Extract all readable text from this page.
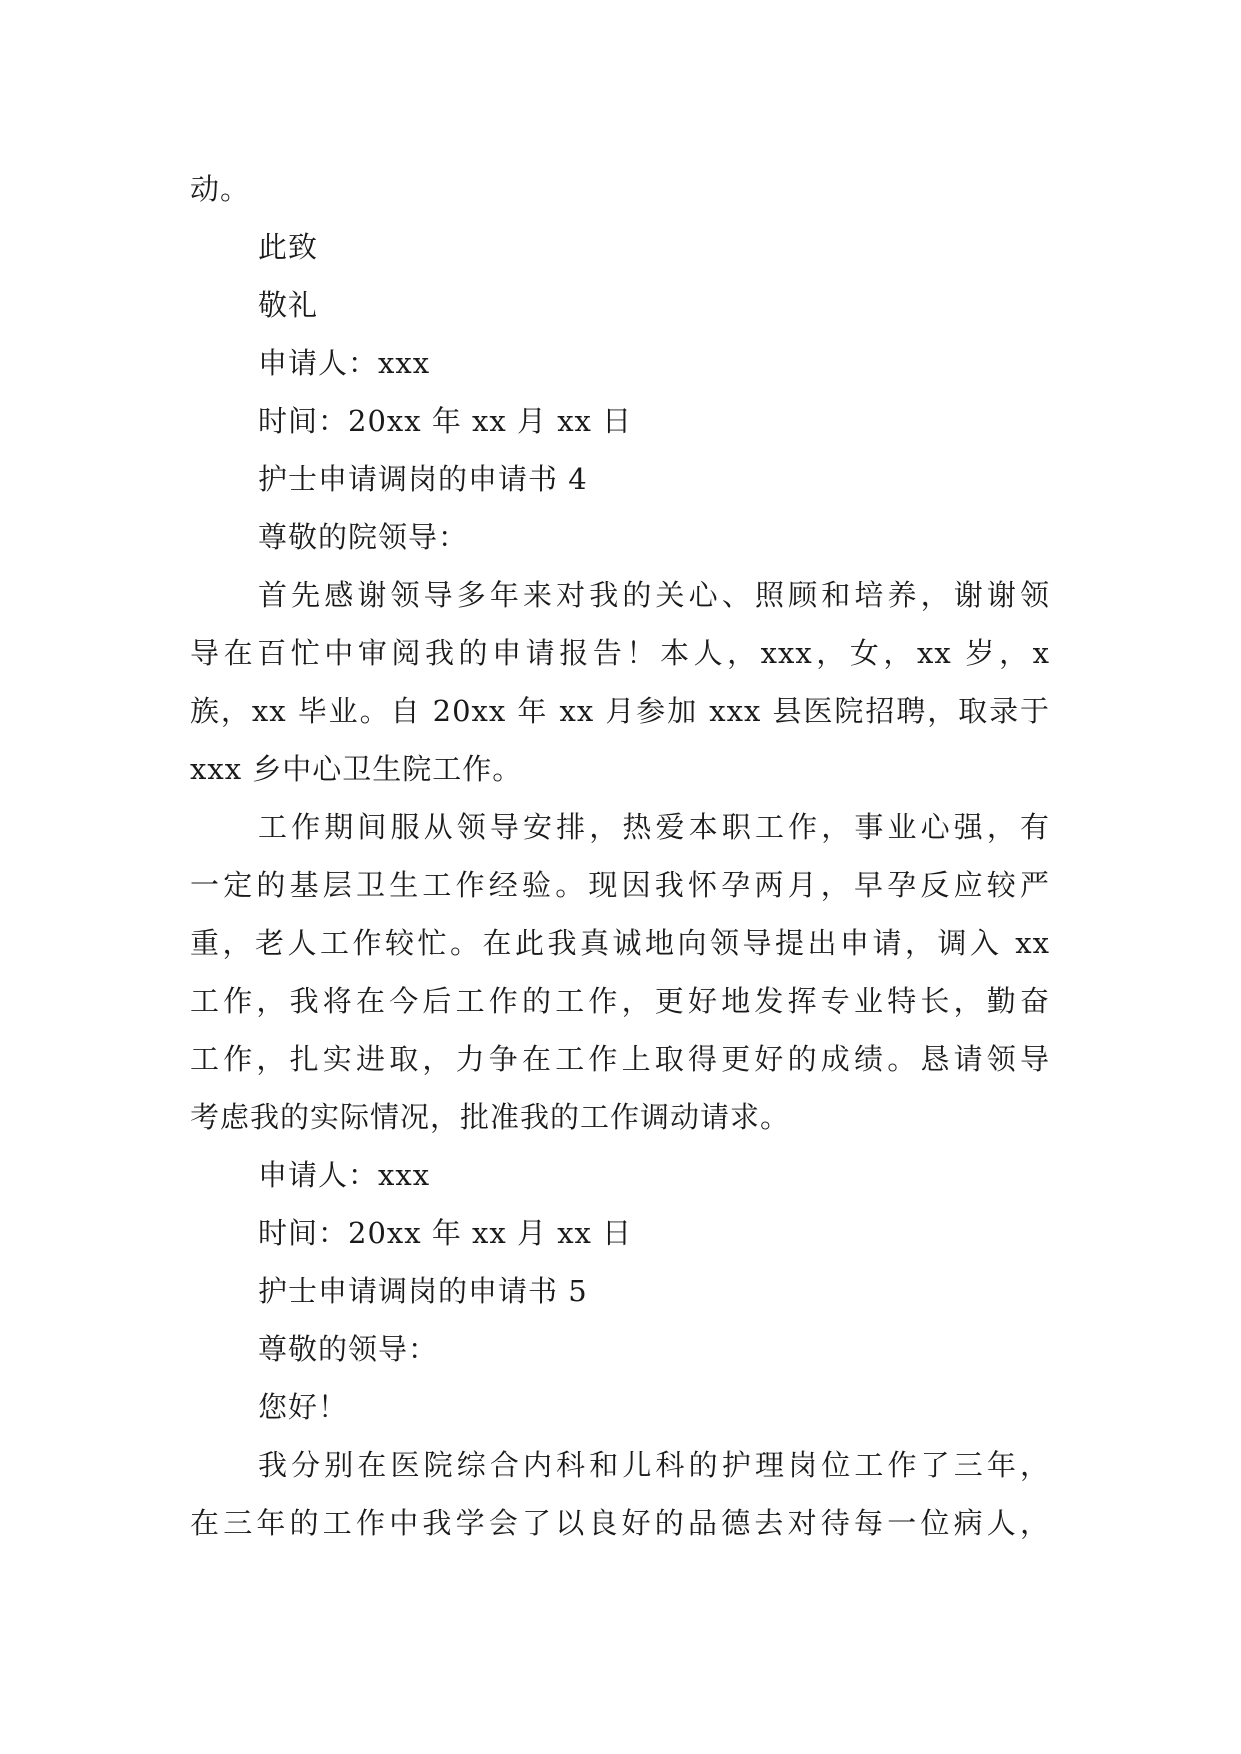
动。
此致
敬礼
申请人：xxx
时间：20xx 年 xx 月 xx 日
护士申请调岗的申请书 4
尊敬的院领导：
首先感谢领导多年来对我的关心、照顾和培养，谢谢领
导在百忙中审阅我的申请报告！本人，xxx，女，xx 岁，x
族，xx 毕业。自 20xx 年 xx 月参加 xxx 县医院招聘，取录于
xxx 乡中心卫生院工作。
工作期间服从领导安排，热爱本职工作，事业心强，有
一定的基层卫生工作经验。现因我怀孕两月，早孕反应较严
重，老人工作较忙。在此我真诚地向领导提出申请，调入 xx
工作，我将在今后工作的工作，更好地发挥专业特长，勤奋
工作，扎实进取，力争在工作上取得更好的成绩。恳请领导
考虑我的实际情况，批准我的工作调动请求。
申请人：xxx
时间：20xx 年 xx 月 xx 日
护士申请调岗的申请书 5
尊敬的领导：
您好！
我分别在医院综合内科和儿科的护理岗位工作了三年，
在三年的工作中我学会了以良好的品德去对待每一位病人，
